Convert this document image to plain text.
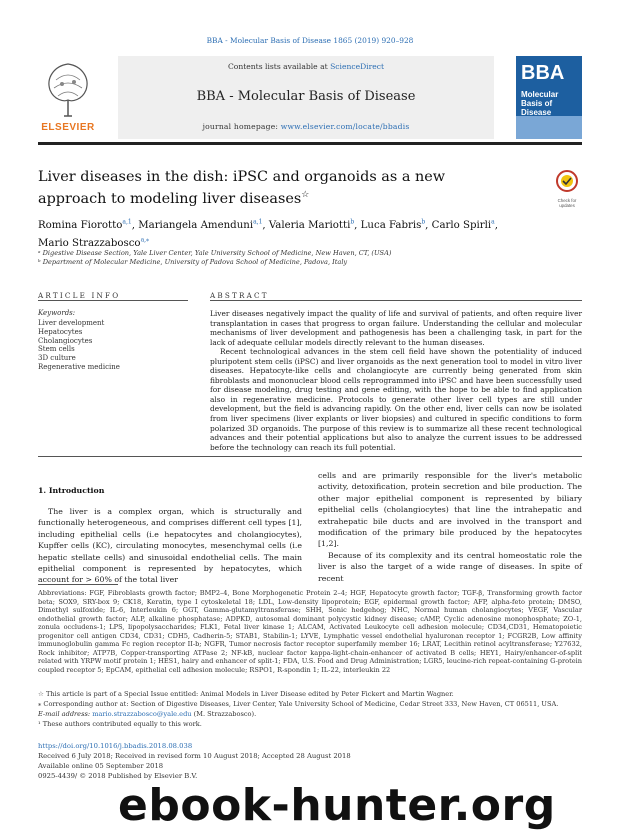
BBA - Molecular Basis of Disease 1865 (2019) 920–928
ELSEVIER
Contents lists available at ScienceDirect
BBA - Molecular Basis of Disease
journal homepage: www.elsevier.com/locate/bbadis
BBA
Molecular Basis of Disease
Liver diseases in the dish: iPSC and organoids as a new approach to modeling liver diseases☆
Check for updates
Romina Fiorotto$^{a,1}$, Mariangela Amenduni$^{a,1}$, Valeria Mariotti$^b$, Luca Fabris$^b$, Carlo Spirli$^a$,
Mario Strazzabosco$^{a,⁎}$
ᵃ Digestive Disease Section, Yale Liver Center, Yale University School of Medicine, New Haven, CT, (USA)
ᵇ Department of Molecular Medicine, University of Padova School of Medicine, Padova, Italy
ARTICLE INFO	ABSTRACT
Keywords:
Liver development
Hepatocytes
Cholangiocytes
Stem cells
3D culture
Regenerative medicine

Liver diseases negatively impact the quality of life and survival of patients, and often require liver transplantation in cases that progress to organ failure. Understanding the cellular and molecular mechanisms of liver development and pathogenesis has been a challenging task, in part for the lack of adequate cellular models directly relevant to the human diseases.

Recent technological advances in the stem cell field have shown the potentiality of induced pluripotent stem cells (iPSC) and liver organoids as the next generation tool to model in vitro liver diseases. Hepatocyte-like cells and cholangiocyte are currently being generated from skin fibroblasts and mononuclear blood cells reprogrammed into iPSC and have been successfully used for disease modeling, drug testing and gene editing, with the hope to be able to find application also in regenerative medicine. Protocols to generate other liver cell types are still under development, but the field is advancing rapidly. On the other end, liver cells can now be isolated from liver specimens (liver explants or liver biopsies) and cultured in specific conditions to form polarized 3D organoids. The purpose of this review is to summarize all these recent technological advances and their potential applications but also to analyze the current issues to be addressed before the technology can reach its full potential.

1. Introduction

The liver is a complex organ, which is structurally and functionally heterogeneous, and comprises different cell types [1], including epithelial cells (i.e hepatocytes and cholangiocytes), Kupffer cells (KC), circulating monocytes, mesenchymal cells (i.e hepatic stellate cells) and sinusoidal endothelial cells. The main epithelial component is represented by hepatocytes, which account for > 60% of the total liver

cells and are primarily responsible for the liver's metabolic activity, detoxification, protein secretion and bile production. The other major epithelial component is represented by biliary epithelial cells (cholangiocytes) that line the intrahepatic and extrahepatic bile ducts and are involved in the transport and modification of the primary bile produced by the hepatocytes [1,2].

Because of its complexity and its central homeostatic role the liver is also the target of a wide range of diseases. In spite of recent

Abbreviations: FGF, Fibroblasts growth factor; BMP2–4, Bone Morphogenetic Protein 2–4; HGF, Hepatocyte growth factor; TGF-β, Transforming growth factor beta; SOX9, SRY-box 9; CK18, Keratin, type I cytoskeletal 18; LDL, Low-density lipoprotein; EGF, epidermal growth factor; AFP, alpha-feto protein; DMSO, Dimethyl sulfoxide; IL-6, Interleukin 6; GGT, Gamma-glutamyltransferase; SHH, Sonic hedgehog; NHC, Normal human cholangiocytes; VEGF, Vascular endothelial growth factor; ALP, alkaline phosphatase; ADPKD, autosomal dominant polycystic kidney disease; cAMP, Cyclic adenosine monophosphate; ZO-1, zonula occludens-1; LPS, lipopolysaccharides; FLK1, Fetal liver kinase 1; ALCAM, Activated Leukocyte cell adhesion molecule; CD34,CD31, Hematopoietic progenitor cell antigen CD34, CD31; CDH5, Cadherin-5; STAB1, Stabilin-1; LYVE, Lymphatic vessel endothelial hyaluronan receptor 1; FCGR2B, Low affinity immunoglobulin gamma Fc region receptor II-b; NGFR, Tumor necrosis factor receptor superfamily member 16; LRAT, Lecithin retinol acyltransferase; Y27632, Rock inhibitor; ATP7B, Copper-transporting ATPase 2; NF-kB, nuclear factor kappa-light-chain-enhancer of activated B cells; HEY1, Hairy/enhancer-of-split related with YRPW motif protein 1; HES1, hairy and enhancer of split-1; FDA, U.S. Food and Drug Administration; LGR5, leucine-rich repeat-containing G-protein coupled receptor 5; EpCAM, epithelial cell adhesion molecule; RSPO1, R-spondin 1; IL-22, interleukin 22
☆ This article is part of a Special Issue entitled: Animal Models in Liver Disease edited by Peter Fickert and Martin Wagner.
⁎ Corresponding author at: Section of Digestive Diseases, Liver Center, Yale University School of Medicine, Cedar Street 333, New Haven, CT 06511, USA.
E-mail address: mario.strazzabosco@yale.edu (M. Strazzabosco).
¹ These authors contributed equally to this work.
https://doi.org/10.1016/j.bbadis.2018.08.038
Received 6 July 2018; Received in revised form 10 August 2018; Accepted 28 August 2018
Available online 05 September 2018
0925-4439/ © 2018 Published by Elsevier B.V.
ebook-hunter.org
